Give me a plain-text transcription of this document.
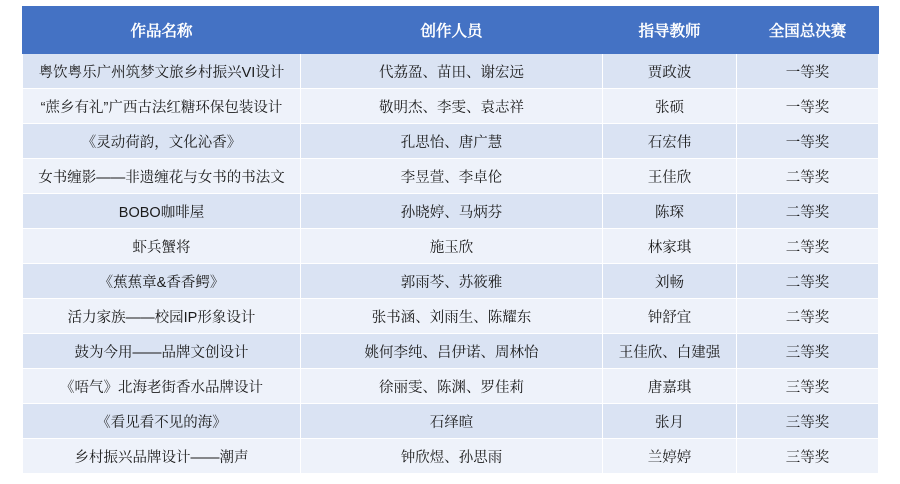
作品名称	创作人员	指导教师	全国总决赛
粤饮粤乐广州筑梦文旅乡村振兴VI设计	代荔盈、苗田、谢宏远	贾政波	一等奖
“蔗乡有礼”广西古法红糖环保包装设计	敬明杰、李雯、袁志祥	张硕	一等奖
《灵动荷韵，文化沁香》	孔思怡、唐广慧	石宏伟	一等奖
女书缠影——非遗缠花与女书的书法文	李昱萱、李卓伦	王佳欣	二等奖
BOBO咖啡屋	孙晓婷、马炳芬	陈琛	二等奖
虾兵蟹将	施玉欣	林家琪	二等奖
《蕉蕉章&香香鳄》	郭雨芩、苏筱雅	刘畅	二等奖
活力家族——校园IP形象设计	张书涵、刘雨生、陈耀东	钟舒宜	二等奖
鼓为今用——品牌文创设计	姚何李纯、吕伊诺、周林怡	王佳欣、白建强	三等奖
《唔气》北海老街香水品牌设计	徐丽雯、陈渊、罗佳莉	唐嘉琪	三等奖
《看见看不见的海》	石绎暄	张月	三等奖
乡村振兴品牌设计——潮声	钟欣煜、孙思雨	兰婷婷	三等奖
